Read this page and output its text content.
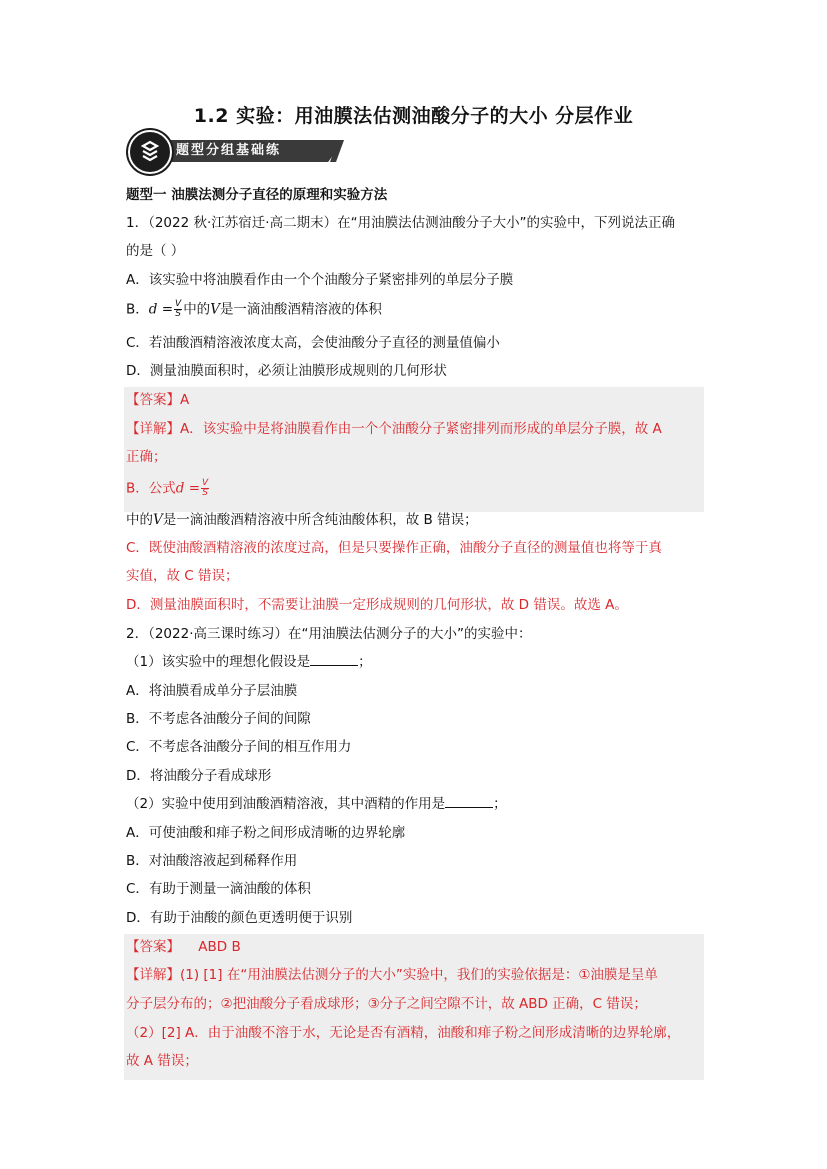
1.2 实验：用油膜法估测油酸分子的大小 分层作业
题型分组基础练
题型一 油膜法测分子直径的原理和实验方法
1．（2022 秋·江苏宿迁·高二期末）在“用油膜法估测油酸分子大小”的实验中，下列说法正确
的是（ ）
A．该实验中将油膜看作由一个个油酸分子紧密排列的单层分子膜
B．$d = \frac{V}{S}$ 中的V是一滴油酸酒精溶液的体积
C．若油酸酒精溶液浓度太高，会使油酸分子直径的测量值偏小
D．测量油膜面积时，必须让油膜形成规则的几何形状
【答案】A
【详解】A．该实验中是将油膜看作由一个个油酸分子紧密排列而形成的单层分子膜，故 A
正确；
B．公式$d = \frac{V}{S}$
中的V是一滴油酸酒精溶液中所含纯油酸体积，故 B 错误；
C．既使油酸酒精溶液的浓度过高，但是只要操作正确，油酸分子直径的测量值也将等于真
实值，故 C 错误；
D．测量油膜面积时，不需要让油膜一定形成规则的几何形状，故 D 错误。故选 A。
2．（2022·高三课时练习）在“用油膜法估测分子的大小”的实验中：
（1）该实验中的理想化假设是	；
A．将油膜看成单分子层油膜
B．不考虑各油酸分子间的间隙
C．不考虑各油酸分子间的相互作用力
D．将油酸分子看成球形
（2）实验中使用到油酸酒精溶液，其中酒精的作用是	；
A．可使油酸和痱子粉之间形成清晰的边界轮廓
B．对油酸溶液起到稀释作用
C．有助于测量一滴油酸的体积
D．有助于油酸的颜色更透明便于识别
【答案】 ABD B
【详解】(1) [1] 在“用油膜法估测分子的大小”实验中，我们的实验依据是：①油膜是呈单
分子层分布的；②把油酸分子看成球形；③分子之间空隙不计，故 ABD 正确，C 错误；
（2）[2] A．由于油酸不溶于水，无论是否有酒精，油酸和痱子粉之间形成清晰的边界轮廓，
故 A 错误；
